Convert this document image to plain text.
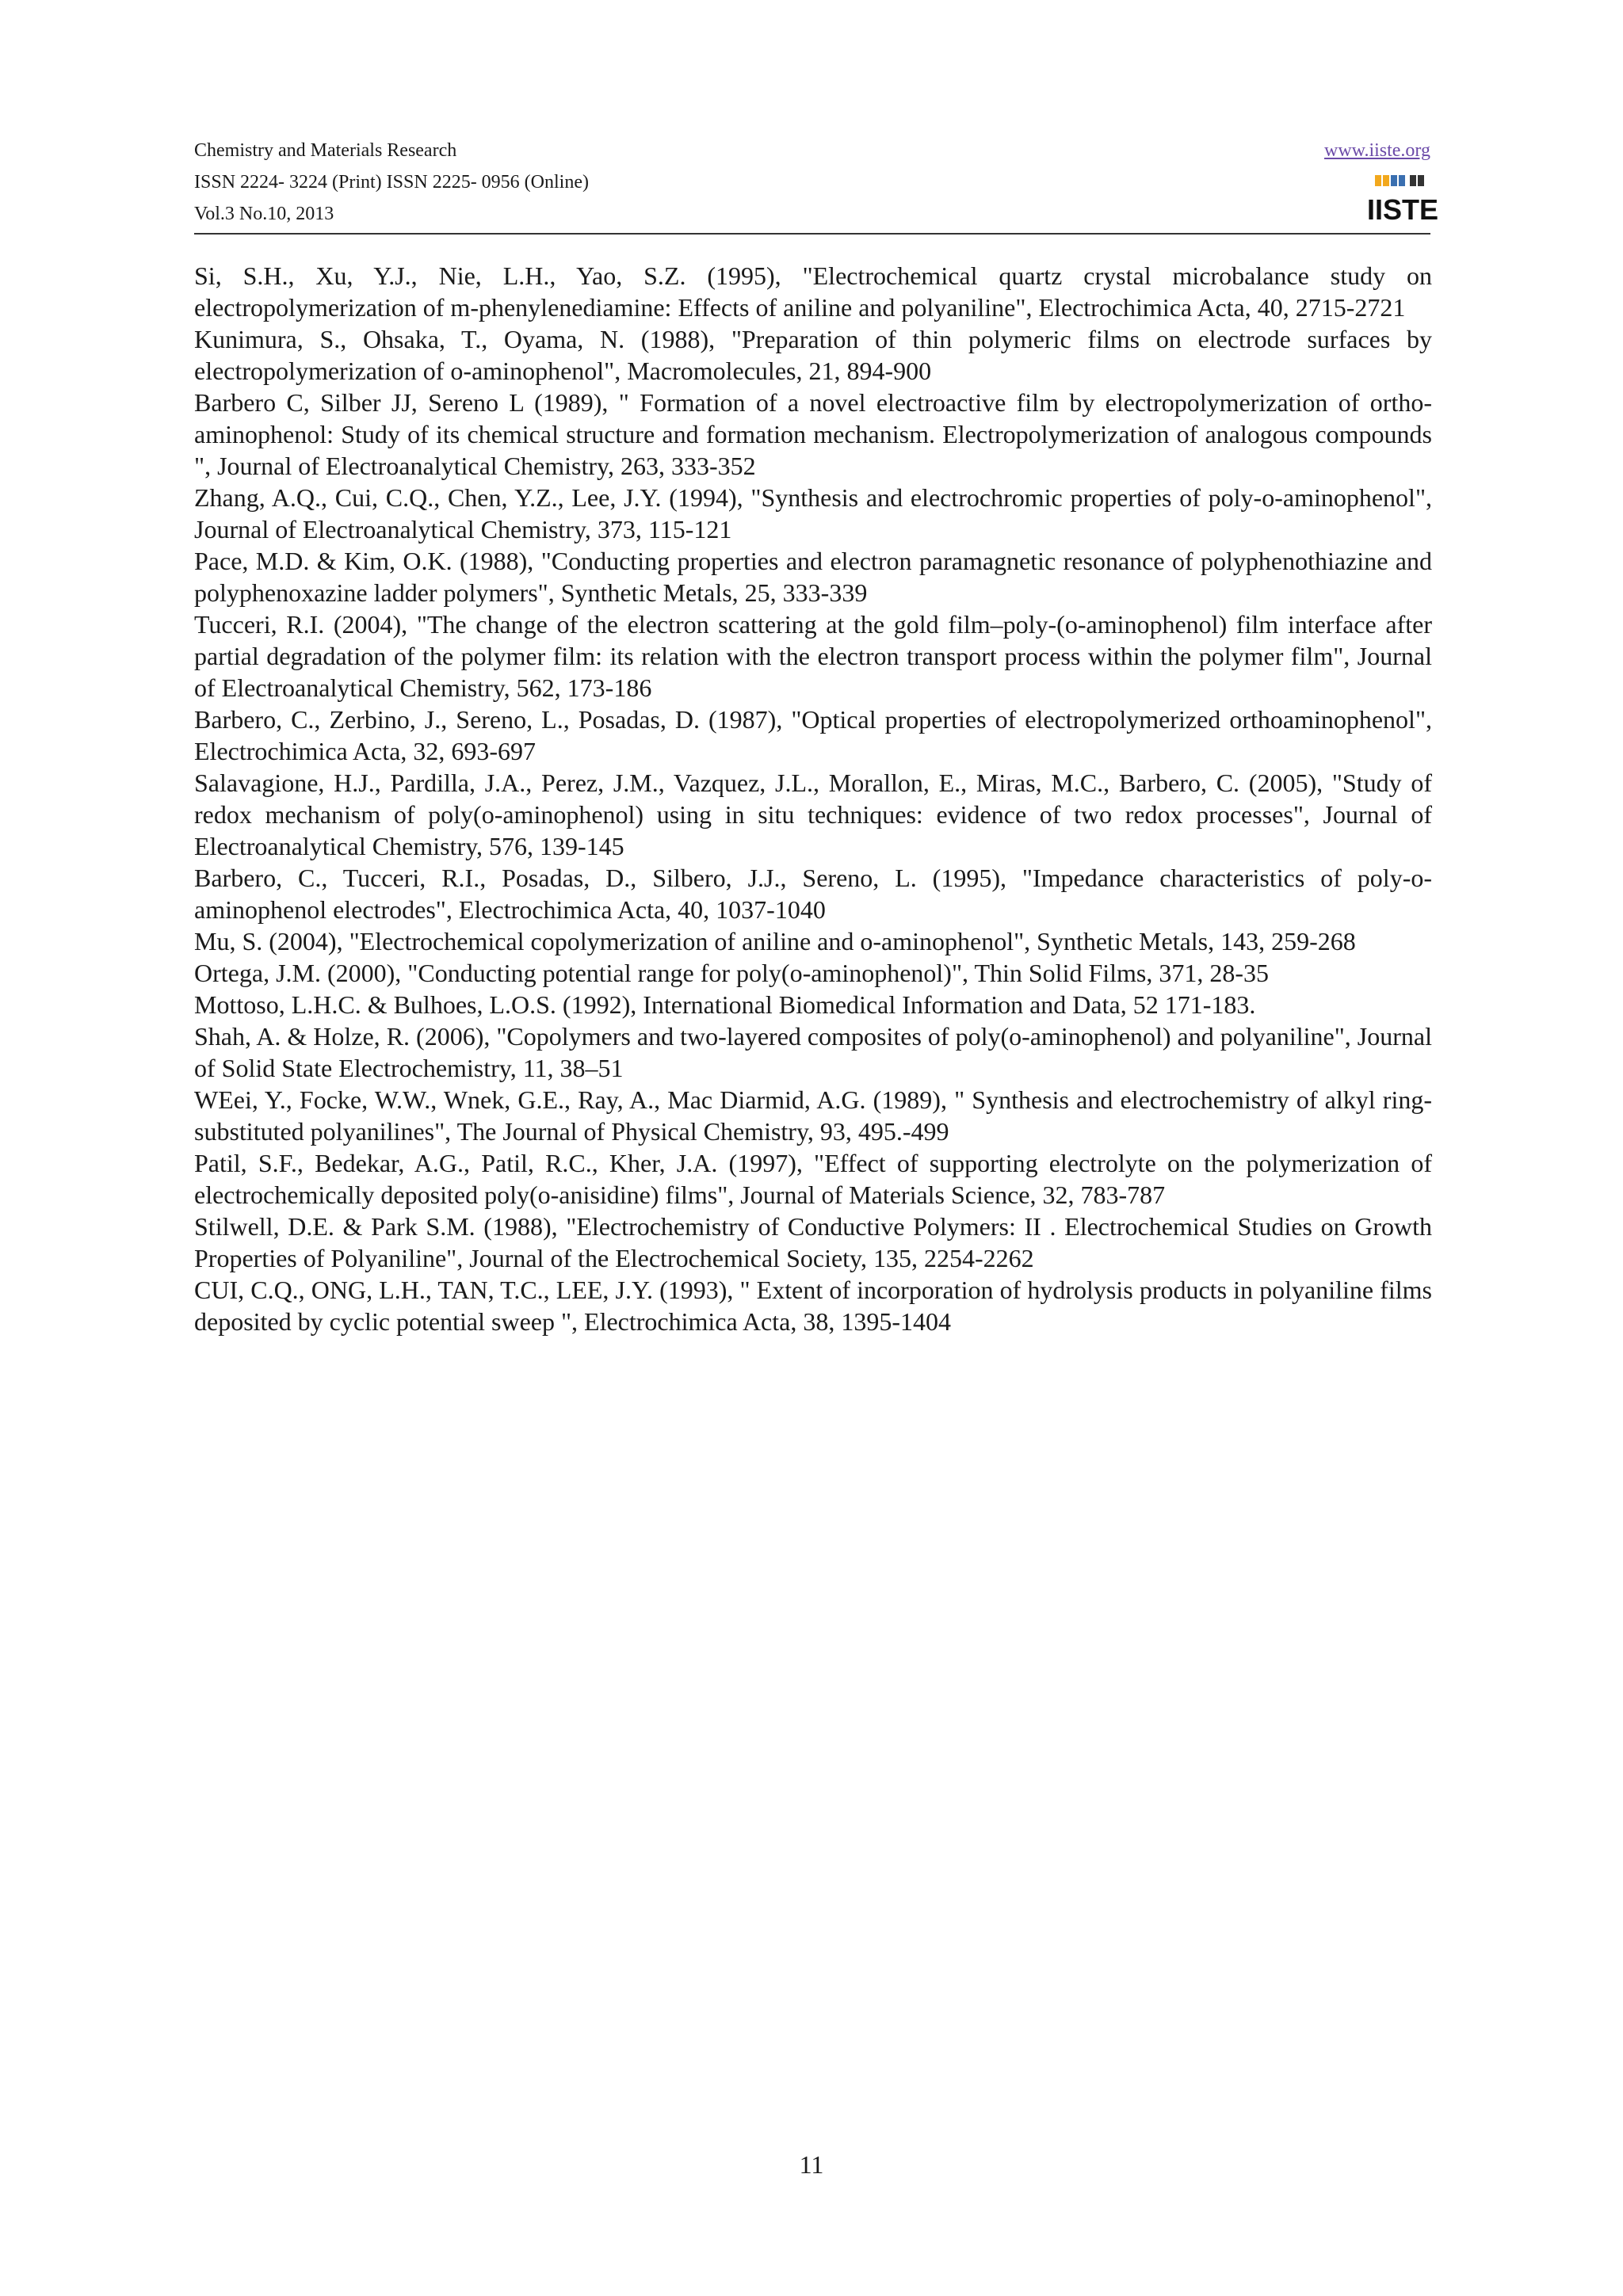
Chemistry and Materials Research
ISSN 2224- 3224 (Print) ISSN 2225- 0956 (Online)
Vol.3 No.10, 2013
www.iiste.org
IISTE

Si, S.H., Xu, Y.J., Nie, L.H., Yao, S.Z. (1995), "Electrochemical quartz crystal microbalance study on electropolymerization of m-phenylenediamine: Effects of aniline and polyaniline", Electrochimica Acta, 40, 2715-2721

Kunimura, S., Ohsaka, T., Oyama, N. (1988), "Preparation of thin polymeric films on electrode surfaces by electropolymerization of o-aminophenol", Macromolecules, 21, 894-900

Barbero C, Silber JJ, Sereno L (1989), " Formation of a novel electroactive film by electropolymerization of ortho-aminophenol: Study of its chemical structure and formation mechanism. Electropolymerization of analogous compounds ", Journal of Electroanalytical Chemistry, 263, 333-352

Zhang, A.Q., Cui, C.Q., Chen, Y.Z., Lee, J.Y. (1994), "Synthesis and electrochromic properties of poly-o-aminophenol", Journal of Electroanalytical Chemistry, 373, 115-121

Pace, M.D. & Kim, O.K. (1988), "Conducting properties and electron paramagnetic resonance of polyphenothiazine and polyphenoxazine ladder polymers", Synthetic Metals, 25, 333-339

Tucceri, R.I. (2004), "The change of the electron scattering at the gold film–poly-(o-aminophenol) film interface after partial degradation of the polymer film: its relation with the electron transport process within the polymer film", Journal of Electroanalytical Chemistry, 562, 173-186

Barbero, C., Zerbino, J., Sereno, L., Posadas, D. (1987), "Optical properties of electropolymerized orthoaminophenol", Electrochimica Acta, 32, 693-697

Salavagione, H.J., Pardilla, J.A., Perez, J.M., Vazquez, J.L., Morallon, E., Miras, M.C., Barbero, C. (2005), "Study of redox mechanism of poly(o-aminophenol) using in situ techniques: evidence of two redox processes", Journal of Electroanalytical Chemistry, 576, 139-145

Barbero, C., Tucceri, R.I., Posadas, D., Silbero, J.J., Sereno, L. (1995), "Impedance characteristics of poly-o-aminophenol electrodes", Electrochimica Acta, 40, 1037-1040

Mu, S. (2004), "Electrochemical copolymerization of aniline and o-aminophenol", Synthetic Metals, 143, 259-268

Ortega, J.M. (2000), "Conducting potential range for poly(o-aminophenol)", Thin Solid Films, 371, 28-35

Mottoso, L.H.C. & Bulhoes, L.O.S. (1992), International Biomedical Information and Data, 52 171-183.

Shah, A. & Holze, R. (2006), "Copolymers and two-layered composites of poly(o-aminophenol) and polyaniline", Journal of Solid State Electrochemistry, 11, 38–51

WEei, Y., Focke, W.W., Wnek, G.E., Ray, A., Mac Diarmid, A.G. (1989), " Synthesis and electrochemistry of alkyl ring-substituted polyanilines", The Journal of Physical Chemistry, 93, 495.-499

Patil, S.F., Bedekar, A.G., Patil, R.C., Kher, J.A. (1997), "Effect of supporting electrolyte on the polymerization of electrochemically deposited poly(o-anisidine) films", Journal of Materials Science, 32, 783-787

Stilwell, D.E. & Park S.M. (1988), "Electrochemistry of Conductive Polymers: II . Electrochemical Studies on Growth Properties of Polyaniline", Journal of the Electrochemical Society, 135, 2254-2262

CUI, C.Q., ONG, L.H., TAN, T.C., LEE, J.Y. (1993), " Extent of incorporation of hydrolysis products in polyaniline films deposited by cyclic potential sweep ", Electrochimica Acta, 38, 1395-1404

11
